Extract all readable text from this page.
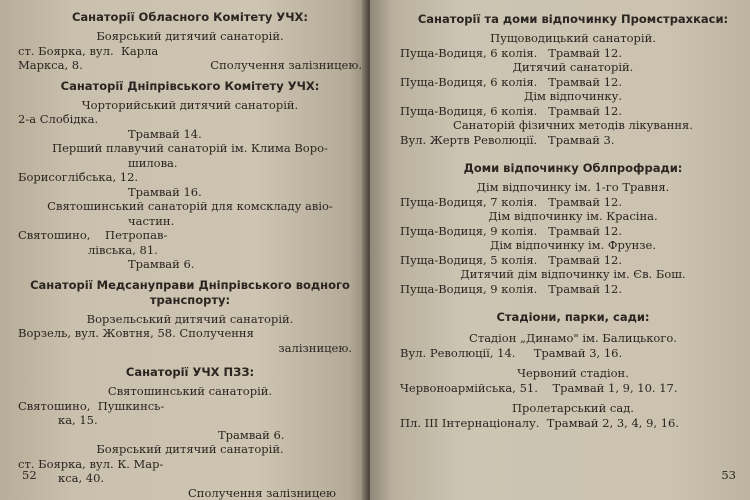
Санаторії Обласного Комітету УЧХ:
Боярський дитячий санаторій.
ст. Боярка, вул.  Карла
Маркса, 8.	Сполучення залізницею.
Санаторії Дніпрівського Комітету УЧХ:
Чорторийський дитячий санаторій.
2-а Слобідка.
Трамвай 14.
Перший плавучий санаторій ім. Клима Воро-
шилова.
Борисоглібська, 12.
Трамвай 16.
Святошинський санаторій для комскладу авіо-
частин.
Святошино,    Петропав-
лівська, 81.
Трамвай 6.
Санаторії Медсануправи Дніпрівського водного транспорту:
Ворзельський дитячий санаторій.
Ворзель, вул. Жовтня, 58. Сполучення
залізницею.
Санаторії УЧХ ПЗЗ:
Святошинський санаторій.
Святошино,  Пушкинсь-
ка, 15.
Трамвай 6.
Боярський дитячий санаторій.
ст. Боярка, вул. К. Мар-
кса, 40.
Сполучення залізницею
52
Санаторії та доми відпочинку Промстрахкаси:
Пущоводицький санаторій.
Пуща-Водиця, 6 колія.   Трамвай 12.
Дитячий санаторій.
Пуща-Водиця, 6 колія.   Трамвай 12.
Дім відпочинку.
Пуща-Водиця, 6 колія.   Трамвай 12.
Санаторій фізичних методів лікування.
Вул. Жертв Революції.   Трамвай 3.
Доми відпочинку Облпрофради:
Дім відпочинку ім. 1-го Травня.
Пуща-Водиця, 7 колія.   Трамвай 12.
Дім відпочинку ім. Красіна.
Пуща-Водиця, 9 колія.   Трамвай 12.
Дім відпочинку ім. Фрунзе.
Пуща-Водиця, 5 колія.   Трамвай 12.
Дитячий дім відпочинку ім. Єв. Бош.
Пуща-Водиця, 9 колія.   Трамвай 12.
Стадіони, парки, сади:
Стадіон „Динамо" ім. Балицького.
Вул. Революції, 14.     Трамвай 3, 16.
Червоний стадіон.
Червоноармійська, 51.    Трамвай 1, 9, 10. 17.
Пролетарський сад.
Пл. III Інтернаціоналу.  Трамвай 2, 3, 4, 9, 16.
53
